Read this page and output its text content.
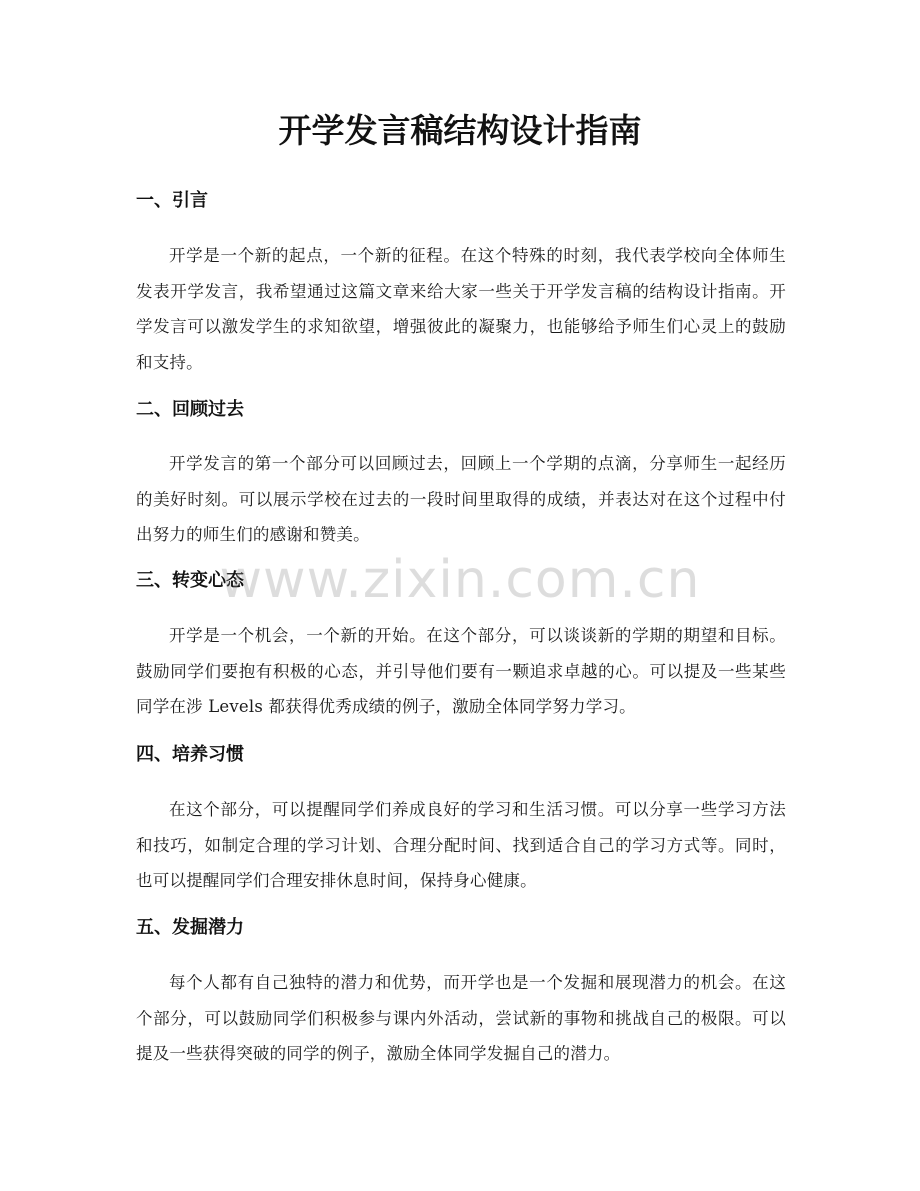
开学发言稿结构设计指南
一、引言

开学是一个新的起点，一个新的征程。在这个特殊的时刻，我代表学校向全体师生发表开学发言，我希望通过这篇文章来给大家一些关于开学发言稿的结构设计指南。开学发言可以激发学生的求知欲望，增强彼此的凝聚力，也能够给予师生们心灵上的鼓励和支持。

二、回顾过去

开学发言的第一个部分可以回顾过去，回顾上一个学期的点滴，分享师生一起经历的美好时刻。可以展示学校在过去的一段时间里取得的成绩，并表达对在这个过程中付出努力的师生们的感谢和赞美。

三、转变心态

开学是一个机会，一个新的开始。在这个部分，可以谈谈新的学期的期望和目标。鼓励同学们要抱有积极的心态，并引导他们要有一颗追求卓越的心。可以提及一些某些同学在涉 Levels 都获得优秀成绩的例子，激励全体同学努力学习。

四、培养习惯

在这个部分，可以提醒同学们养成良好的学习和生活习惯。可以分享一些学习方法和技巧，如制定合理的学习计划、合理分配时间、找到适合自己的学习方式等。同时，也可以提醒同学们合理安排休息时间，保持身心健康。

五、发掘潜力

每个人都有自己独特的潜力和优势，而开学也是一个发掘和展现潜力的机会。在这个部分，可以鼓励同学们积极参与课内外活动，尝试新的事物和挑战自己的极限。可以提及一些获得突破的同学的例子，激励全体同学发掘自己的潜力。

www.zixin.com.cn
